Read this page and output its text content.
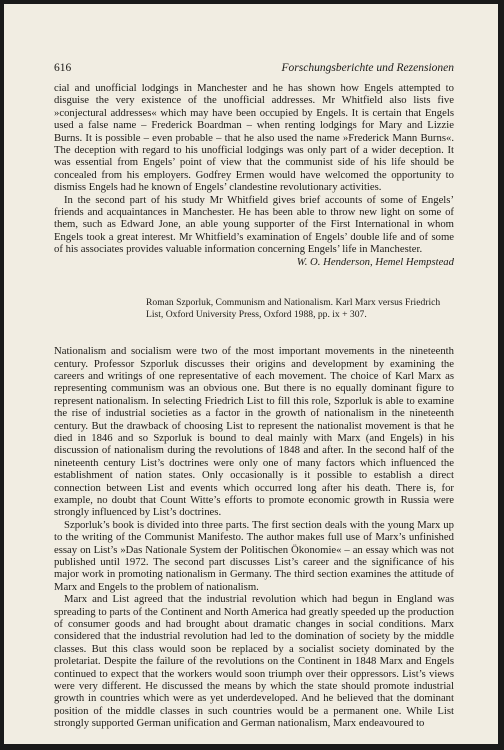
616	Forschungsberichte und Rezensionen

cial and unofficial lodgings in Manchester and he has shown how Engels attempted to disguise the very existence of the unofficial addresses. Mr Whitfield also lists five »conjectural addresses« which may have been occupied by Engels. It is certain that Engels used a false name – Frederick Boardman – when renting lodgings for Mary and Lizzie Burns. It is possible – even probable – that he also used the name »Frederick Mann Burns«. The deception with regard to his unofficial lodgings was only part of a wider deception. It was essential from Engels’ point of view that the communist side of his life should be concealed from his employers. Godfrey Ermen would have welcomed the opportunity to dismiss Engels had he known of Engels’ clandestine revolutionary activities.

In the second part of his study Mr Whitfield gives brief accounts of some of Engels’ friends and acquaintances in Manchester. He has been able to throw new light on some of them, such as Edward Jone, an able young supporter of the First International in whom Engels took a great interest. Mr Whitfield’s examination of Engels’ double life and of some of his associates provides valuable information concerning Engels’ life in Manchester.

W. O. Henderson, Hemel Hempstead

Roman Szporluk, Communism and Nationalism. Karl Marx versus Friedrich
List, Oxford University Press, Oxford 1988, pp. ix + 307.

Nationalism and socialism were two of the most important movements in the nineteenth century. Professor Szporluk discusses their origins and development by examining the careers and writings of one representative of each movement. The choice of Karl Marx as representing communism was an obvious one. But there is no equally dominant figure to represent nationalism. In selecting Friedrich List to fill this role, Szporluk is able to examine the rise of industrial societies as a factor in the growth of nationalism in the nineteenth century. But the drawback of choosing List to represent the nationalist movement is that he died in 1846 and so Szporluk is bound to deal mainly with Marx (and Engels) in his discussion of nationalism during the revolutions of 1848 and after. In the second half of the nineteenth century List’s doctrines were only one of many factors which influenced the establishment of nation states. Only occasionally is it possible to establish a direct connection between List and events which occurred long after his death. There is, for example, no doubt that Count Witte’s efforts to promote economic growth in Russia were strongly influenced by List’s doctrines.

Szporluk’s book is divided into three parts. The first section deals with the young Marx up to the writing of the Communist Manifesto. The author makes full use of Marx’s unfinished essay on List’s »Das Nationale System der Politischen Ökonomie« – an essay which was not published until 1972. The second part discusses List’s career and the significance of his major work in promoting nationalism in Germany. The third section examines the attitude of Marx and Engels to the problem of nationalism.

Marx and List agreed that the industrial revolution which had begun in England was spreading to parts of the Continent and North America had greatly speeded up the production of consumer goods and had brought about dramatic changes in social conditions. Marx considered that the industrial revolution had led to the domination of society by the middle classes. But this class would soon be replaced by a socialist society dominated by the proletariat. Despite the failure of the revolutions on the Continent in 1848 Marx and Engels continued to expect that the workers would soon triumph over their oppressors. List’s views were very different. He discussed the means by which the state should promote industrial growth in countries which were as yet underdeveloped. And he believed that the dominant position of the middle classes in such countries would be a permanent one. While List strongly supported German unification and German nationalism, Marx endeavoured to
